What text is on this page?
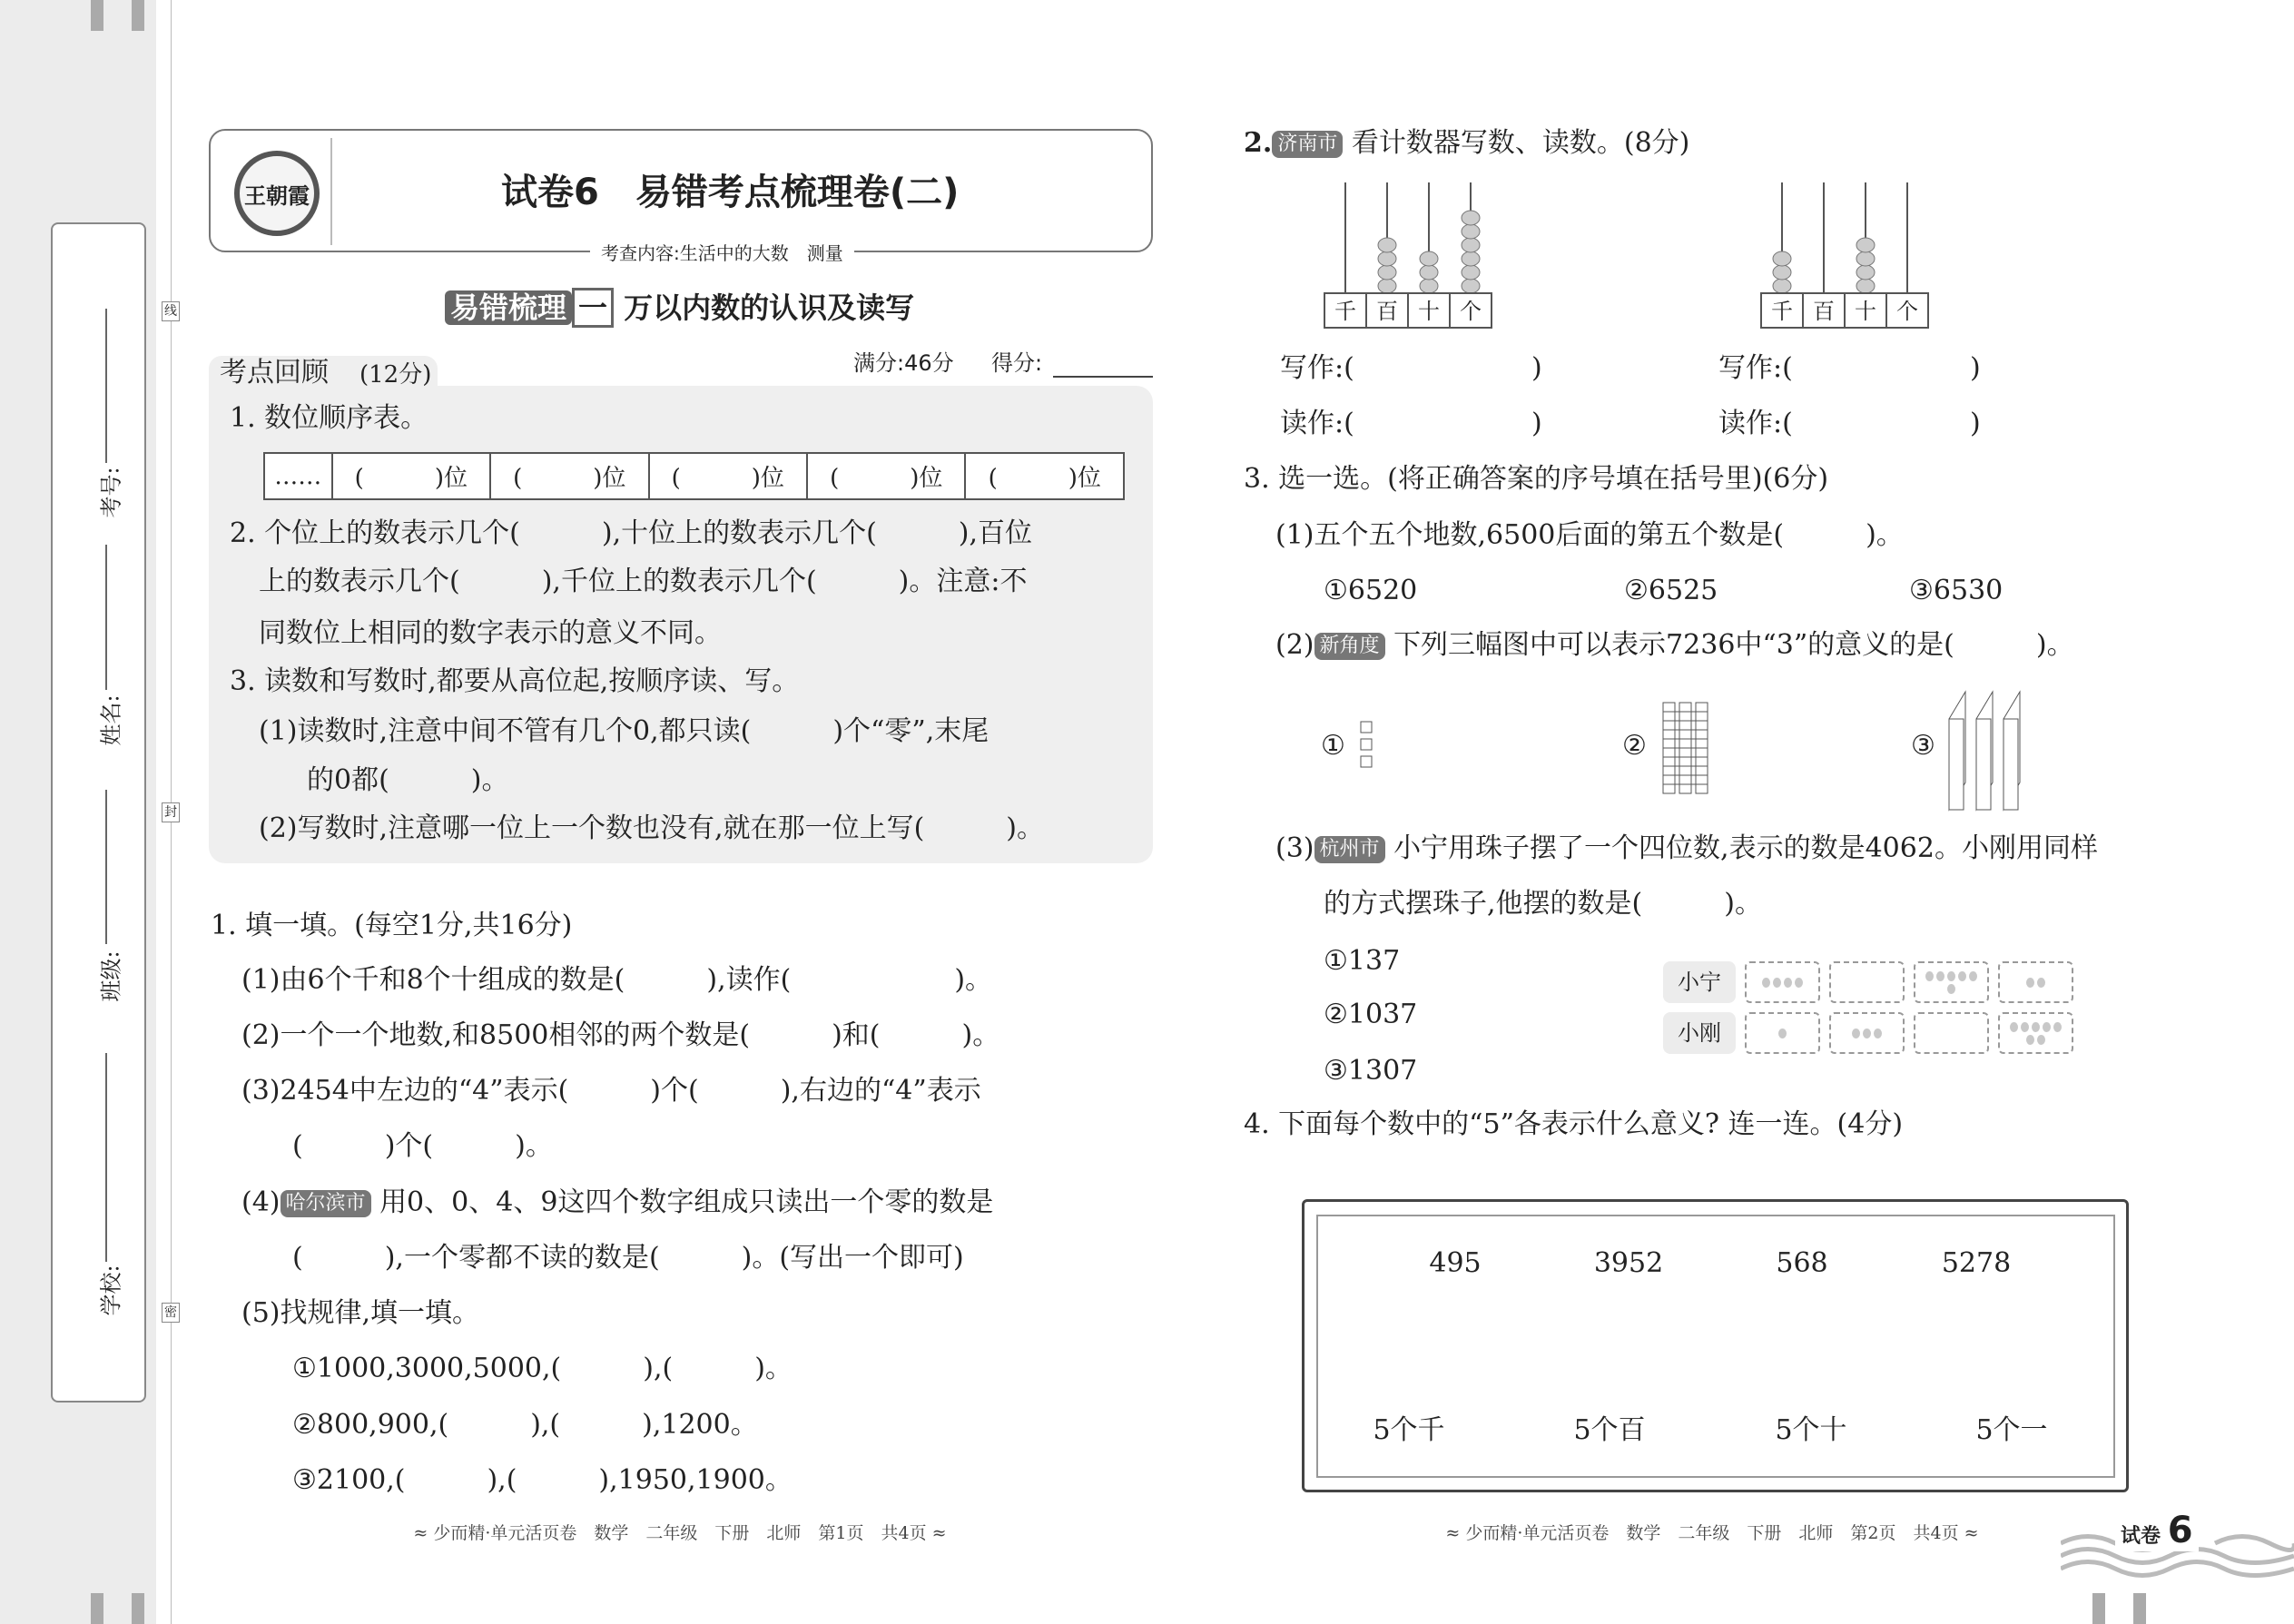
考号:
姓名:
班级:
学校:
线
封
密
王朝霞	试卷6　易错考点梳理卷(二)
考查内容:生活中的大数　测量
易错梳理 一 万以内数的认识及读写
满分:46分 得分:
考点回顾 (12分)
1. 数位顺序表。
……	(　　　)位	(　　　)位	(　　　)位	(　　　)位	(　　　)位
2. 个位上的数表示几个(　　　),十位上的数表示几个(　　　),百位
上的数表示几个(　　　),千位上的数表示几个(　　　)。注意:不
同数位上相同的数字表示的意义不同。
3. 读数和写数时,都要从高位起,按顺序读、写。
(1)读数时,注意中间不管有几个0,都只读(　　　)个“零”,末尾
的0都(　　　)。
(2)写数时,注意哪一位上一个数也没有,就在那一位上写(　　　)。
1. 填一填。(每空1分,共16分)
(1)由6个千和8个十组成的数是(　　　),读作(　　　　　　)。
(2)一个一个地数,和8500相邻的两个数是(　　　)和(　　　)。
(3)2454中左边的“4”表示(　　　)个(　　　),右边的“4”表示
(　　　)个(　　　)。
(4) 哈尔滨市 用0、0、4、9这四个数字组成只读出一个零的数是
(　　　),一个零都不读的数是(　　　)。(写出一个即可)
(5)找规律,填一填。
①1000,3000,5000,(　　　),(　　　)。
②800,900,(　　　),(　　　),1200。
③2100,(　　　),(　　　),1950,1900。
2. 济南市 看计数器写数、读数。(8分)
千 百 十 个	千 百 十 个
写作:(	)	写作:(	)
读作:(	)	读作:(	)
3. 选一选。(将正确答案的序号填在括号里)(6分)
(1)五个五个地数,6500后面的第五个数是(　　　)。
①6520	②6525	③6530
(2) 新角度 下列三幅图中可以表示7236中“3”的意义的是(　　　)。
①	②	③
(3) 杭州市 小宁用珠子摆了一个四位数,表示的数是4062。小刚用同样
的方式摆珠子,他摆的数是(　　　)。
①137
②1037
③1307
小宁
小刚
4. 下面每个数中的“5”各表示什么意义? 连一连。(4分)
495	3952	568	5278
5个千	5个百	5个十	5个一
≈ 少而精·单元活页卷　数学　二年级　下册　北师　第1页　共4页 ≈	≈ 少而精·单元活页卷　数学　二年级　下册　北师　第2页　共4页 ≈	试卷 6
